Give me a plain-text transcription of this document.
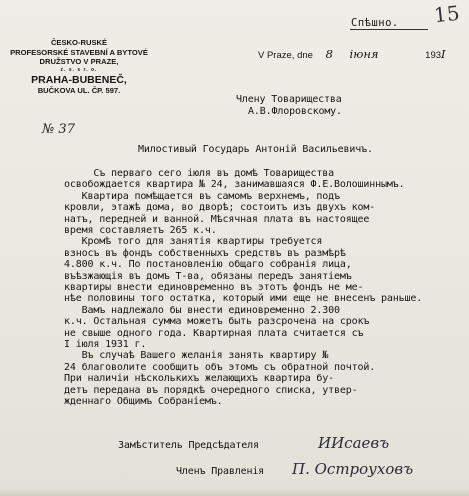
15
Спѣшно.
ČESKO-RUSKÉ
PROFESORSKÉ STAVEBNÍ A BYTOVÉ
DRUŽSTVO V PRAZE,
z. s. s r. o.
PRAHA-BUBENEČ,
BUČKOVA UL. ČP. 597.
V Praze, dne 8 іюня	193I
№ 37
Члену Товарищества
А.В.Флоровскому.
Милостивый Государь Антоній Васильевичъ.
Съ перваго сего іюля въ домѣ Товарищества
освобождается квартира № 24, занимавшаяся Ф.Е.Волошиннымъ.
Квартира помѣщается въ самомъ верхнемъ, подъ
кровли, этажѣ дома, во дворѣ; состоитъ изъ двухъ ком-
натъ, передней и ванной. Мѣсячная плата въ настоящее
время составляетъ 265 к.ч.
Кромѣ того для занятія квартиры требуется
взносъ въ фондъ собственныхъ средствъ въ размѣрѣ
4.800 к.ч. По постановленію общаго собранія лица,
въѣзжающія въ домъ Т-ва, обязаны передъ занятіемъ
квартиры внести единовременно въ этотъ фондъ не ме-
нѣе половины того остатка, который ими еще не внесенъ раньше.
Вамъ надлежало бы внести единовременно 2.300
к.ч. Остальная сумма можетъ быть разсрочена на срокъ
не свыше одного года. Квартирная плата считается съ
I іюля 1931 г.
Въ случаѣ Вашего желанія занять квартиру №
24 благоволите сообщить объ этомъ съ обратной почтой.
При наличіи нѣсколькихъ желающихъ квартира бу-
детъ передана въ порядкѣ очередного списка, утвер-
жденнаго Общимъ Собраніемъ.
Замѣститель Предсѣдателя	ИИсаевъ
Членъ Правленія П. Остроуховъ
